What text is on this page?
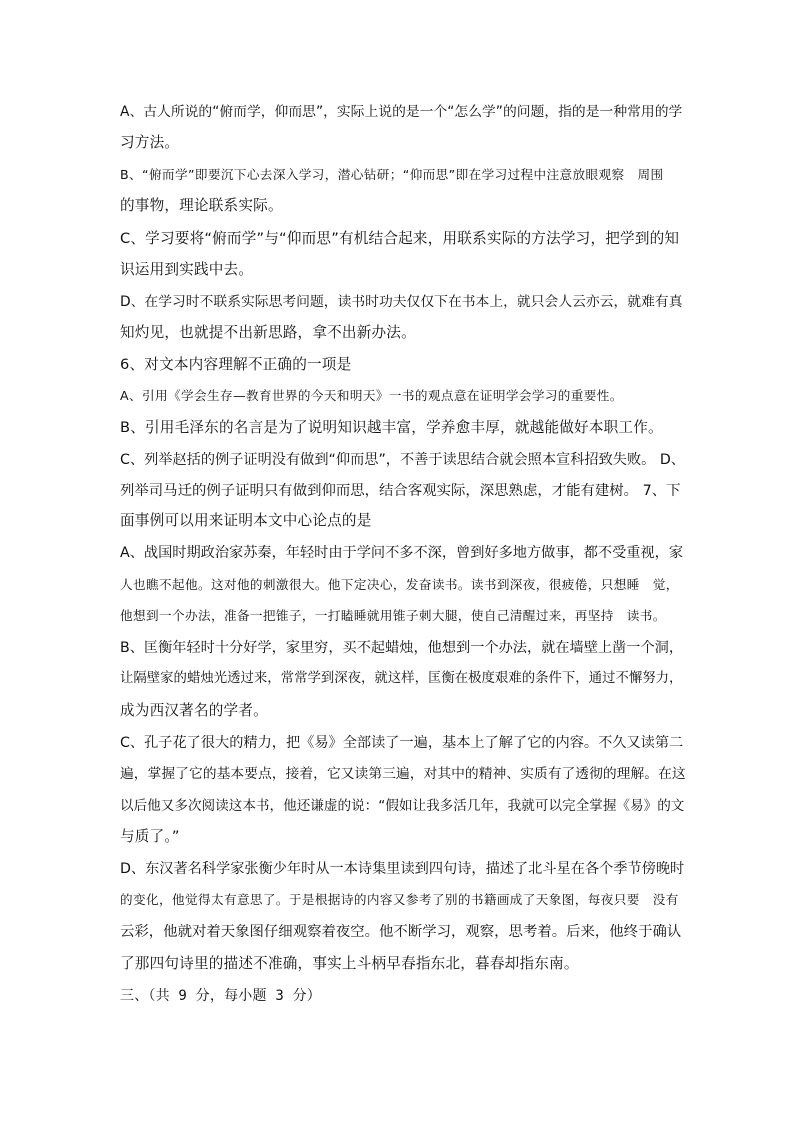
A、古人所说的“俯而学，仰而思”，实际上说的是一个“怎么学”的问题，指的是一种常用的学
习方法。
B、“俯而学”即要沉下心去深入学习，潜心钻研；“仰而思”即在学习过程中注意放眼观察　周围
的事物，理论联系实际。
C、学习要将“俯而学”与“仰而思”有机结合起来，用联系实际的方法学习，把学到的知
识运用到实践中去。
D、在学习时不联系实际思考问题，读书时功夫仅仅下在书本上，就只会人云亦云，就难有真
知灼见，也就提不出新思路，拿不出新办法。
6、对文本内容理解不正确的一项是
A、引用《学会生存—教育世界的今天和明天》一书的观点意在证明学会学习的重要性。
B、引用毛泽东的名言是为了说明知识越丰富，学养愈丰厚，就越能做好本职工作。
C、列举赵括的例子证明没有做到“仰而思”，不善于读思结合就会照本宣科招致失败。 D、
列举司马迁的例子证明只有做到仰而思，结合客观实际，深思熟虑，才能有建树。 7、下
面事例可以用来证明本文中心论点的是
A、战国时期政治家苏秦，年轻时由于学问不多不深，曾到好多地方做事，都不受重视，家
人也瞧不起他。这对他的刺激很大。他下定决心，发奋读书。读书到深夜，很疲倦，只想睡　觉，
他想到一个办法，准备一把锥子，一打瞌睡就用锥子刺大腿，使自己清醒过来，再坚持　读书。
B、匡衡年轻时十分好学，家里穷，买不起蜡烛，他想到一个办法，就在墙壁上凿一个洞，
让隔壁家的蜡烛光透过来，常常学到深夜，就这样，匡衡在极度艰难的条件下，通过不懈努力，
成为西汉著名的学者。
C、孔子花了很大的精力，把《易》全部读了一遍，基本上了解了它的内容。不久又读第二
遍，掌握了它的基本要点，接着，它又读第三遍，对其中的精神、实质有了透彻的理解。在这
以后他又多次阅读这本书，他还谦虚的说：“假如让我多活几年，我就可以完全掌握《易》的文
与质了。”
D、东汉著名科学家张衡少年时从一本诗集里读到四句诗，描述了北斗星在各个季节傍晚时
的变化，他觉得太有意思了。于是根据诗的内容又参考了别的书籍画成了天象图，每夜只要　没有
云彩，他就对着天象图仔细观察着夜空。他不断学习，观察，思考着。后来，他终于确认
了那四句诗里的描述不准确，事实上斗柄早春指东北，暮春却指东南。
三、（共 9 分，每小题 3 分）
